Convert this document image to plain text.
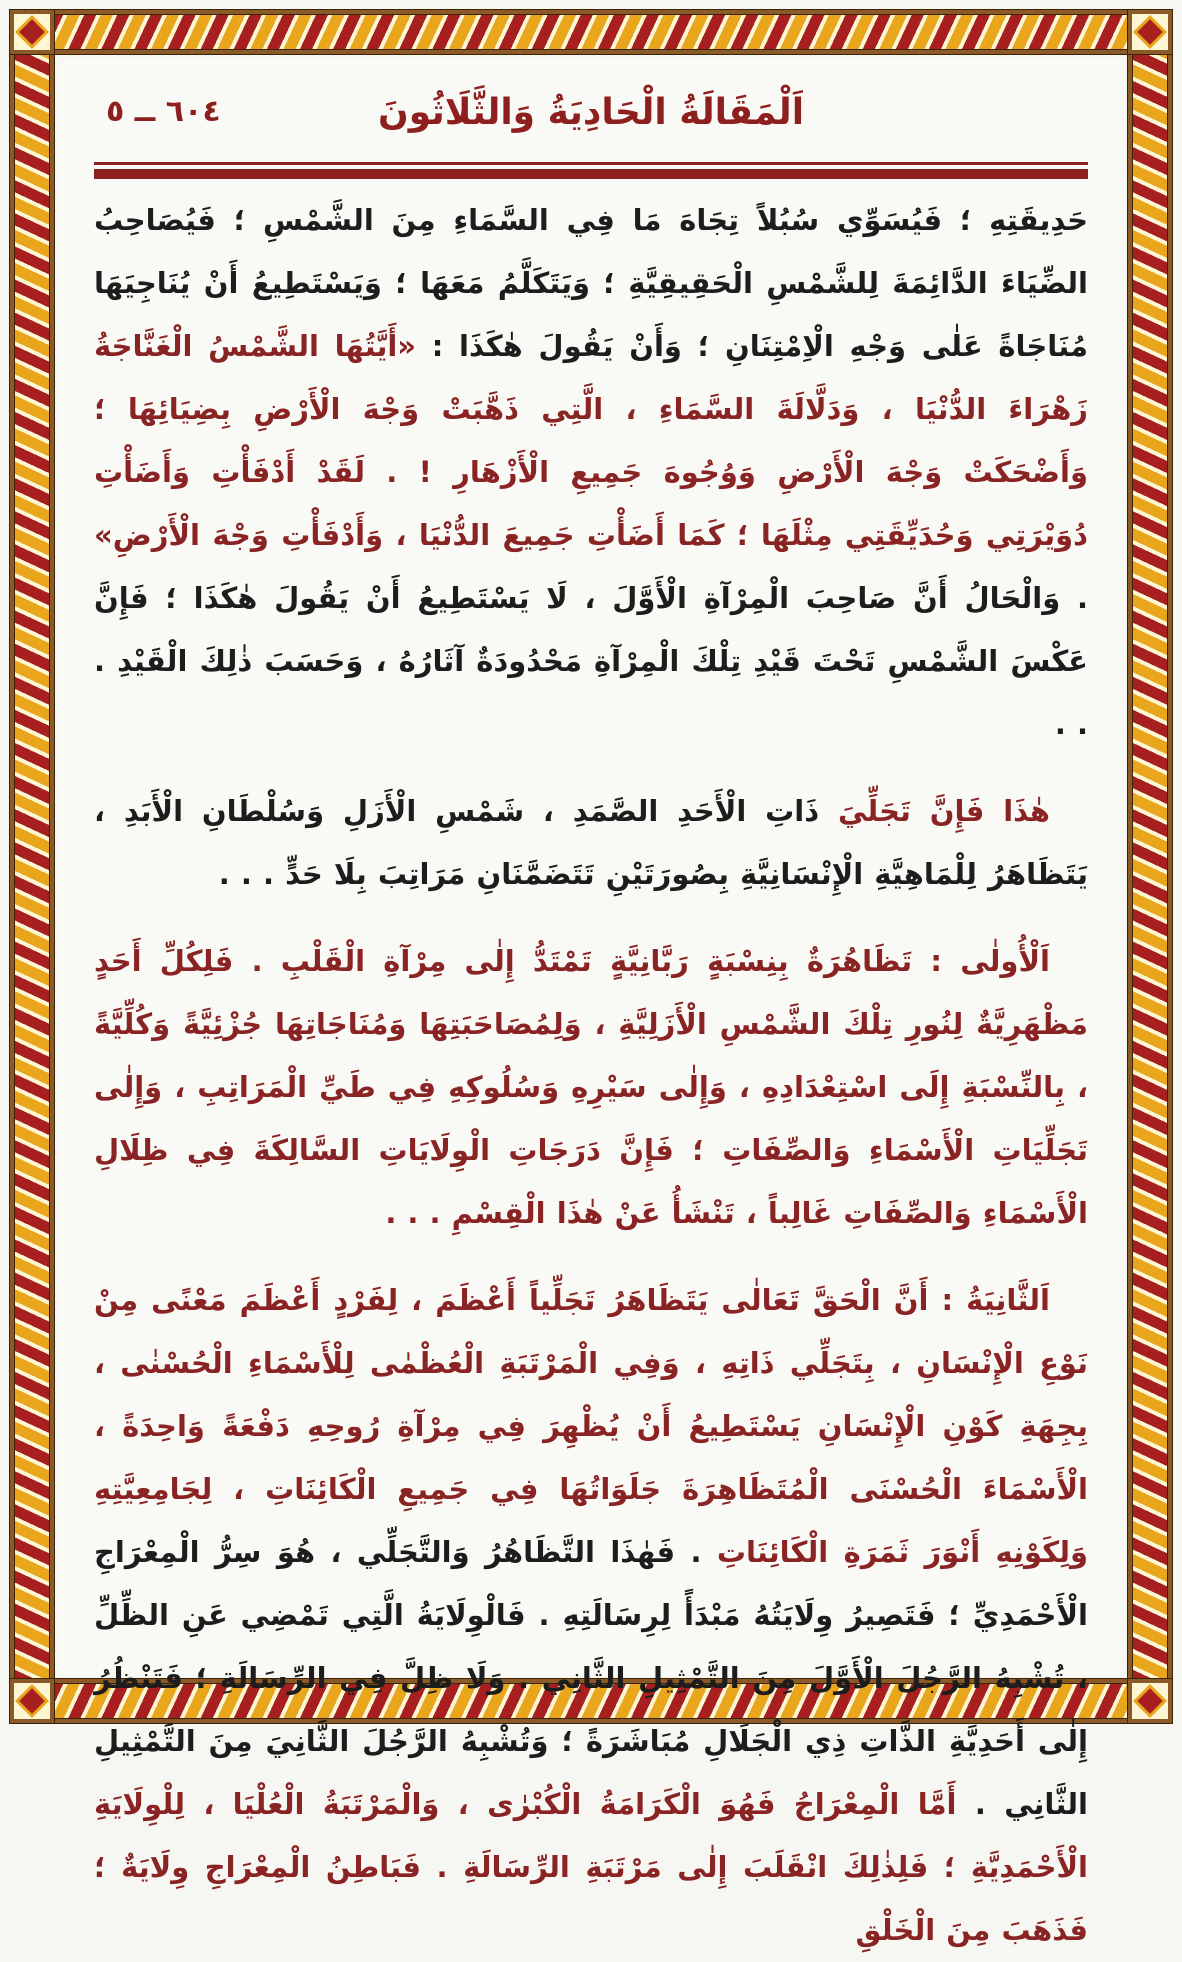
اَلْمَقَالَةُ الْحَادِيَةُ وَالثَّلَاثُونَ
٦٠٤ ــ ٥

حَدِيقَتِهِ ؛ فَيُسَوِّي سُبُلاً تِجَاهَ مَا فِي السَّمَاءِ مِنَ الشَّمْسِ ؛ فَيُصَاحِبُ الضِّيَاءَ الدَّائِمَةَ لِلشَّمْسِ الْحَقِيقِيَّةِ ؛ وَيَتَكَلَّمُ مَعَهَا ؛ وَيَسْتَطِيعُ أَنْ يُنَاجِيَهَا مُنَاجَاةً عَلٰى وَجْهِ الْاِمْتِنَانِ ؛ وَأَنْ يَقُولَ هٰكَذَا : «أَيَّتُهَا الشَّمْسُ الْغَنَّاجَةُ زَهْرَاءَ الدُّنْيَا ، وَدَلَّالَةَ السَّمَاءِ ، الَّتِي ذَهَّبَتْ وَجْهَ الْأَرْضِ بِضِيَائِهَا ؛ وَأَضْحَكَتْ وَجْهَ الْأَرْضِ وَوُجُوهَ جَمِيعِ الْأَزْهَارِ ! . لَقَدْ أَدْفَأْتِ وَأَضَأْتِ دُوَيْرَتِي وَحُدَيِّقَتِي مِثْلَهَا ؛ كَمَا أَضَأْتِ جَمِيعَ الدُّنْيَا ، وَأَدْفَأْتِ وَجْهَ الْأَرْضِ» . وَالْحَالُ أَنَّ صَاحِبَ الْمِرْآةِ الْأَوَّلَ ، لَا يَسْتَطِيعُ أَنْ يَقُولَ هٰكَذَا ؛ فَإِنَّ عَكْسَ الشَّمْسِ تَحْتَ قَيْدِ تِلْكَ الْمِرْآةِ مَحْدُودَةٌ آثَارُهُ ، وَحَسَبَ ذٰلِكَ الْقَيْدِ . . .

هٰذَا فَإِنَّ تَجَلِّيَ ذَاتِ الْأَحَدِ الصَّمَدِ ، شَمْسِ الْأَزَلِ وَسُلْطَانِ الْأَبَدِ ، يَتَظَاهَرُ لِلْمَاهِيَّةِ الْإِنْسَانِيَّةِ بِصُورَتَيْنِ تَتَضَمَّنَانِ مَرَاتِبَ بِلَا حَدٍّ . . .

اَلْأُولٰى : تَظَاهُرَةٌ بِنِسْبَةٍ رَبَّانِيَّةٍ تَمْتَدُّ إِلٰى مِرْآةِ الْقَلْبِ . فَلِكُلِّ أَحَدٍ مَظْهَرِيَّةٌ لِنُورِ تِلْكَ الشَّمْسِ الْأَزَلِيَّةِ ، وَلِمُصَاحَبَتِهَا وَمُنَاجَاتِهَا جُزْئِيَّةً وَكُلِّيَّةً ، بِالنِّسْبَةِ إِلَى اسْتِعْدَادِهِ ، وَإِلٰى سَيْرِهِ وَسُلُوكِهِ فِي طَيِّ الْمَرَاتِبِ ، وَإِلٰى تَجَلِّيَاتِ الْأَسْمَاءِ وَالصِّفَاتِ ؛ فَإِنَّ دَرَجَاتِ الْوِلَايَاتِ السَّالِكَةَ فِي ظِلَالِ الْأَسْمَاءِ وَالصِّفَاتِ غَالِباً ، تَنْشَأُ عَنْ هٰذَا الْقِسْمِ . . .

اَلثَّانِيَةُ : أَنَّ الْحَقَّ تَعَالٰى يَتَظَاهَرُ تَجَلِّياً أَعْظَمَ ، لِفَرْدٍ أَعْظَمَ مَعْنًى مِنْ نَوْعِ الْإِنْسَانِ ، بِتَجَلِّي ذَاتِهِ ، وَفِي الْمَرْتَبَةِ الْعُظْمٰى لِلْأَسْمَاءِ الْحُسْنٰى ، بِجِهَةِ كَوْنِ الْإِنْسَانِ يَسْتَطِيعُ أَنْ يُظْهِرَ فِي مِرْآةِ رُوحِهِ دَفْعَةً وَاحِدَةً ، الْأَسْمَاءَ الْحُسْنَى الْمُتَظَاهِرَةَ جَلَوَاتُهَا فِي جَمِيعِ الْكَائِنَاتِ ، لِجَامِعِيَّتِهِ وَلِكَوْنِهِ أَنْوَرَ ثَمَرَةِ الْكَائِنَاتِ . فَهٰذَا التَّظَاهُرُ وَالتَّجَلِّي ، هُوَ سِرُّ الْمِعْرَاجِ الْأَحْمَدِيِّ ؛ فَتَصِيرُ وِلَايَتُهُ مَبْدَأً لِرِسَالَتِهِ . فَالْوِلَايَةُ الَّتِي تَمْضِي عَنِ الظِّلِّ ، تُشْبِهُ الرَّجُلَ الْأَوَّلَ مِنَ التَّمْثِيلِ الثَّانِي . وَلَا ظِلَّ فِي الرِّسَالَةِ ؛ فَتَنْظُرُ إِلٰى أَحَدِيَّةِ الذَّاتِ ذِي الْجَلَالِ مُبَاشَرَةً ؛ وَتُشْبِهُ الرَّجُلَ الثَّانِيَ مِنَ التَّمْثِيلِ الثَّانِي . أَمَّا الْمِعْرَاجُ فَهُوَ الْكَرَامَةُ الْكُبْرٰى ، وَالْمَرْتَبَةُ الْعُلْيَا ، لِلْوِلَايَةِ الْأَحْمَدِيَّةِ ؛ فَلِذٰلِكَ انْقَلَبَ إِلٰى مَرْتَبَةِ الرِّسَالَةِ . فَبَاطِنُ الْمِعْرَاجِ وِلَايَةٌ ؛ فَذَهَبَ مِنَ الْخَلْقِ
